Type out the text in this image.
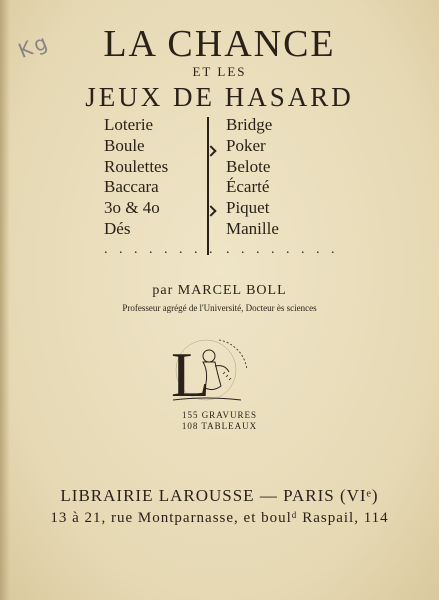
Kg	LA CHANCE
ET LES
JEUX DE HASARD
Loterie
Boule
Roulettes
Baccara
3o & 4o
Dés
. . . . . . . .
Bridge
Poker
Belote
Écarté
Piquet
Manille
. . . . . . . .
par MARCEL BOLL
Professeur agrégé de l'Université, Docteur ès sciences
L
155 GRAVURES
108 TABLEAUX
LIBRAIRIE LAROUSSE — PARIS (VIᵉ)
13 à 21, rue Montparnasse, et boulᵈ Raspail, 114
